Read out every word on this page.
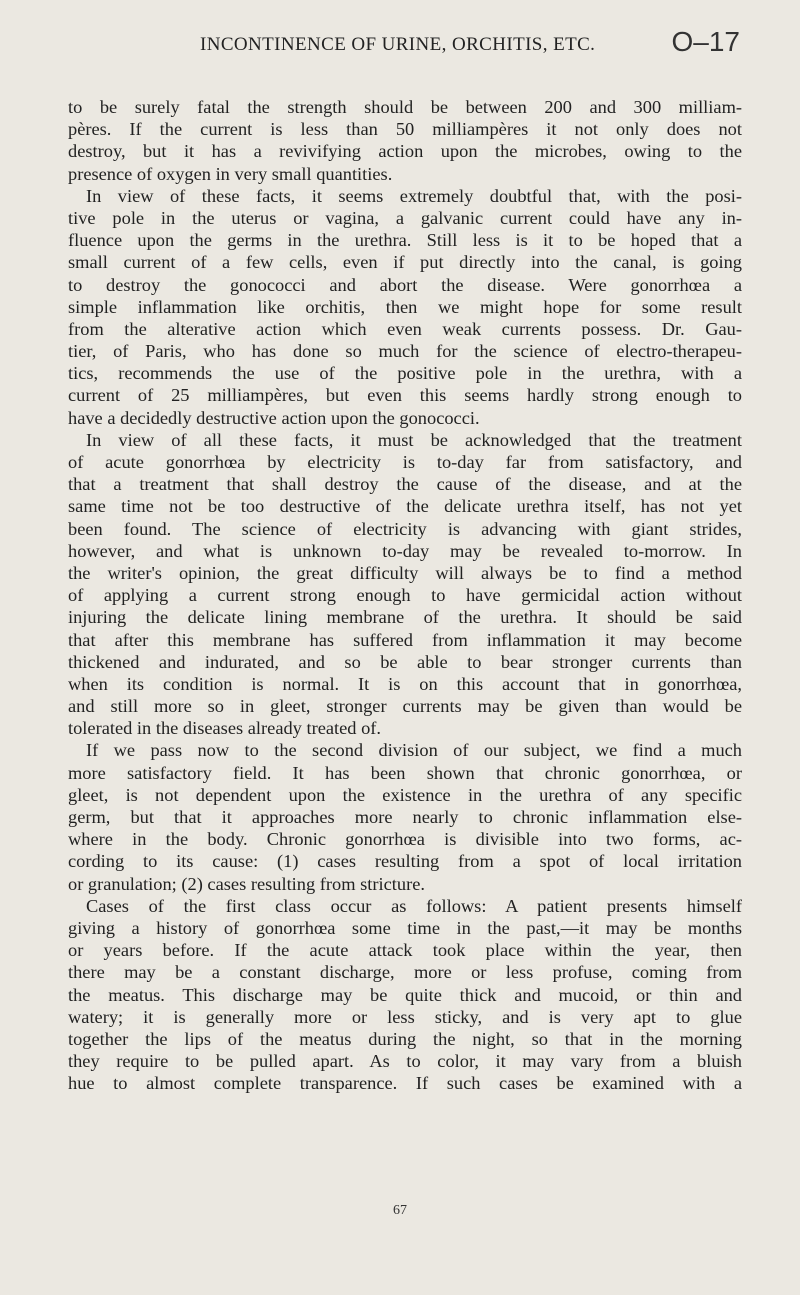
INCONTINENCE OF URINE, ORCHITIS, ETC.	O–17
to be surely fatal the strength should be between 200 and 300 milliam-
pères. If the current is less than 50 milliampères it not only does not
destroy, but it has a revivifying action upon the microbes, owing to the
presence of oxygen in very small quantities.
In view of these facts, it seems extremely doubtful that, with the posi-
tive pole in the uterus or vagina, a galvanic current could have any in-
fluence upon the germs in the urethra. Still less is it to be hoped that a
small current of a few cells, even if put directly into the canal, is going
to destroy the gonococci and abort the disease. Were gonorrhœa a
simple inflammation like orchitis, then we might hope for some result
from the alterative action which even weak currents possess. Dr. Gau-
tier, of Paris, who has done so much for the science of electro-therapeu-
tics, recommends the use of the positive pole in the urethra, with a
current of 25 milliampères, but even this seems hardly strong enough to
have a decidedly destructive action upon the gonococci.
In view of all these facts, it must be acknowledged that the treatment
of acute gonorrhœa by electricity is to-day far from satisfactory, and
that a treatment that shall destroy the cause of the disease, and at the
same time not be too destructive of the delicate urethra itself, has not yet
been found. The science of electricity is advancing with giant strides,
however, and what is unknown to-day may be revealed to-morrow. In
the writer's opinion, the great difficulty will always be to find a method
of applying a current strong enough to have germicidal action without
injuring the delicate lining membrane of the urethra. It should be said
that after this membrane has suffered from inflammation it may become
thickened and indurated, and so be able to bear stronger currents than
when its condition is normal. It is on this account that in gonorrhœa,
and still more so in gleet, stronger currents may be given than would be
tolerated in the diseases already treated of.
If we pass now to the second division of our subject, we find a much
more satisfactory field. It has been shown that chronic gonorrhœa, or
gleet, is not dependent upon the existence in the urethra of any specific
germ, but that it approaches more nearly to chronic inflammation else-
where in the body. Chronic gonorrhœa is divisible into two forms, ac-
cording to its cause: (1) cases resulting from a spot of local irritation
or granulation; (2) cases resulting from stricture.
Cases of the first class occur as follows: A patient presents himself
giving a history of gonorrhœa some time in the past,—it may be months
or years before. If the acute attack took place within the year, then
there may be a constant discharge, more or less profuse, coming from
the meatus. This discharge may be quite thick and mucoid, or thin and
watery; it is generally more or less sticky, and is very apt to glue
together the lips of the meatus during the night, so that in the morning
they require to be pulled apart. As to color, it may vary from a bluish
hue to almost complete transparence. If such cases be examined with a
67
